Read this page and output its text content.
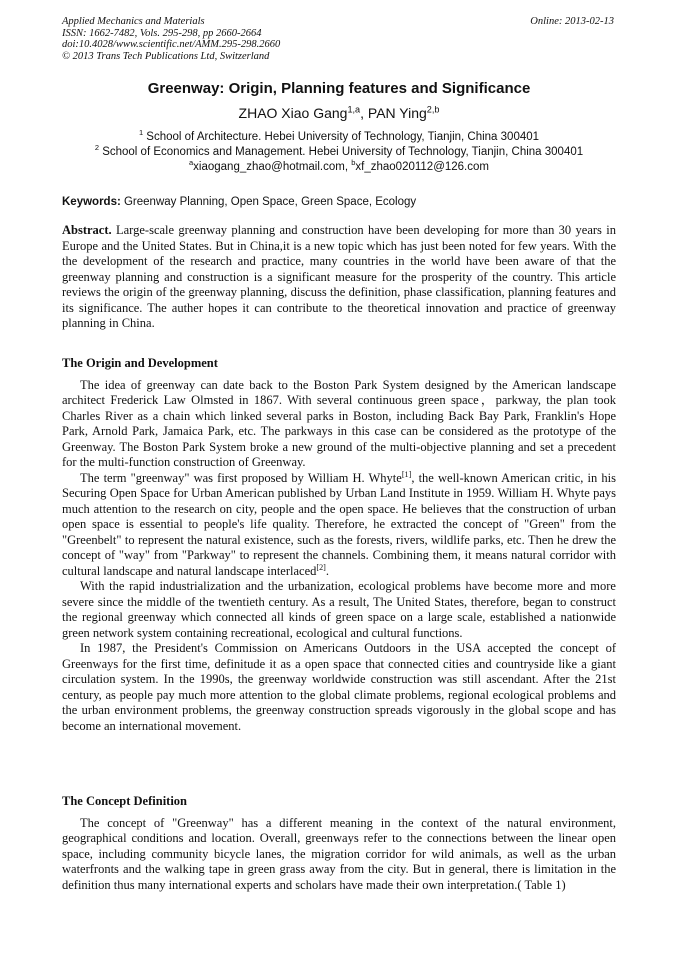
Applied Mechanics and Materials
ISSN: 1662-7482, Vols. 295-298, pp 2660-2664
doi:10.4028/www.scientific.net/AMM.295-298.2660
© 2013 Trans Tech Publications Ltd, Switzerland
Online: 2013-02-13
Greenway: Origin, Planning features and Significance
ZHAO Xiao Gang$^{1,a}$, PAN Ying$^{2,b}$
$^1$ School of Architecture. Hebei University of Technology, Tianjin, China 300401
$^2$ School of Economics and Management. Hebei University of Technology, Tianjin, China 300401
$^a$xiaogang_zhao@hotmail.com, $^b$xf_zhao020112@126.com
Keywords: Greenway Planning, Open Space, Green Space, Ecology
Abstract. Large-scale greenway planning and construction have been developing for more than 30 years in Europe and the United States. But in China,it is a new topic which has just been noted for few years. With the the development of the research and practice, many countries in the world have been aware of that the greenway planning and construction is a significant measure for the prosperity of the country. This article reviews the origin of the greenway planning, discuss the definition, phase classification, planning features and its significance. The auther hopes it can contribute to the theoretical innovation and practice of greenway planning in China.
The Origin and Development

The idea of greenway can date back to the Boston Park System designed by the American landscape architect Frederick Law Olmsted in 1867. With several continuous green space，parkway, the plan took Charles River as a chain which linked several parks in Boston, including Back Bay Park, Franklin's Hope Park, Arnold Park, Jamaica Park, etc. The parkways in this case can be considered as the prototype of the Greenway. The Boston Park System broke a new ground of the multi-objective planning and set a precedent for the multi-function construction of Greenway.

The term "greenway" was first proposed by William H. Whyte[1], the well-known American critic, in his Securing Open Space for Urban American published by Urban Land Institute in 1959. William H. Whyte pays much attention to the research on city, people and the open space. He believes that the construction of urban open space is essential to people's life quality. Therefore, he extracted the concept of "Green" from the "Greenbelt" to represent the natural existence, such as the forests, rivers, wildlife parks, etc. Then he drew the concept of "way" from "Parkway" to represent the channels. Combining them, it means natural corridor with cultural landscape and natural landscape interlaced[2].

With the rapid industrialization and the urbanization, ecological problems have become more and more severe since the middle of the twentieth century. As a result, The United States, therefore, began to construct the regional greenway which connected all kinds of green space on a large scale, established a nationwide green network system containing recreational, ecological and cultural functions.

In 1987, the President's Commission on Americans Outdoors in the USA accepted the concept of Greenways for the first time, definitude it as a open space that connected cities and countryside like a giant circulation system. In the 1990s, the greenway worldwide construction was still ascendant. After the 21st century, as people pay much more attention to the global climate problems, regional ecological problems and the urban environment problems, the greenway construction spreads vigorously in the global scope and has become an international movement.

The Concept Definition

The concept of "Greenway" has a different meaning in the context of the natural environment, geographical conditions and location. Overall, greenways refer to the connections between the linear open space, including community bicycle lanes, the migration corridor for wild animals, as well as the urban waterfronts and the walking tape in green grass away from the city. But in general, there is limitation in the definition thus many international experts and scholars have made their own interpretation.( Table 1)
